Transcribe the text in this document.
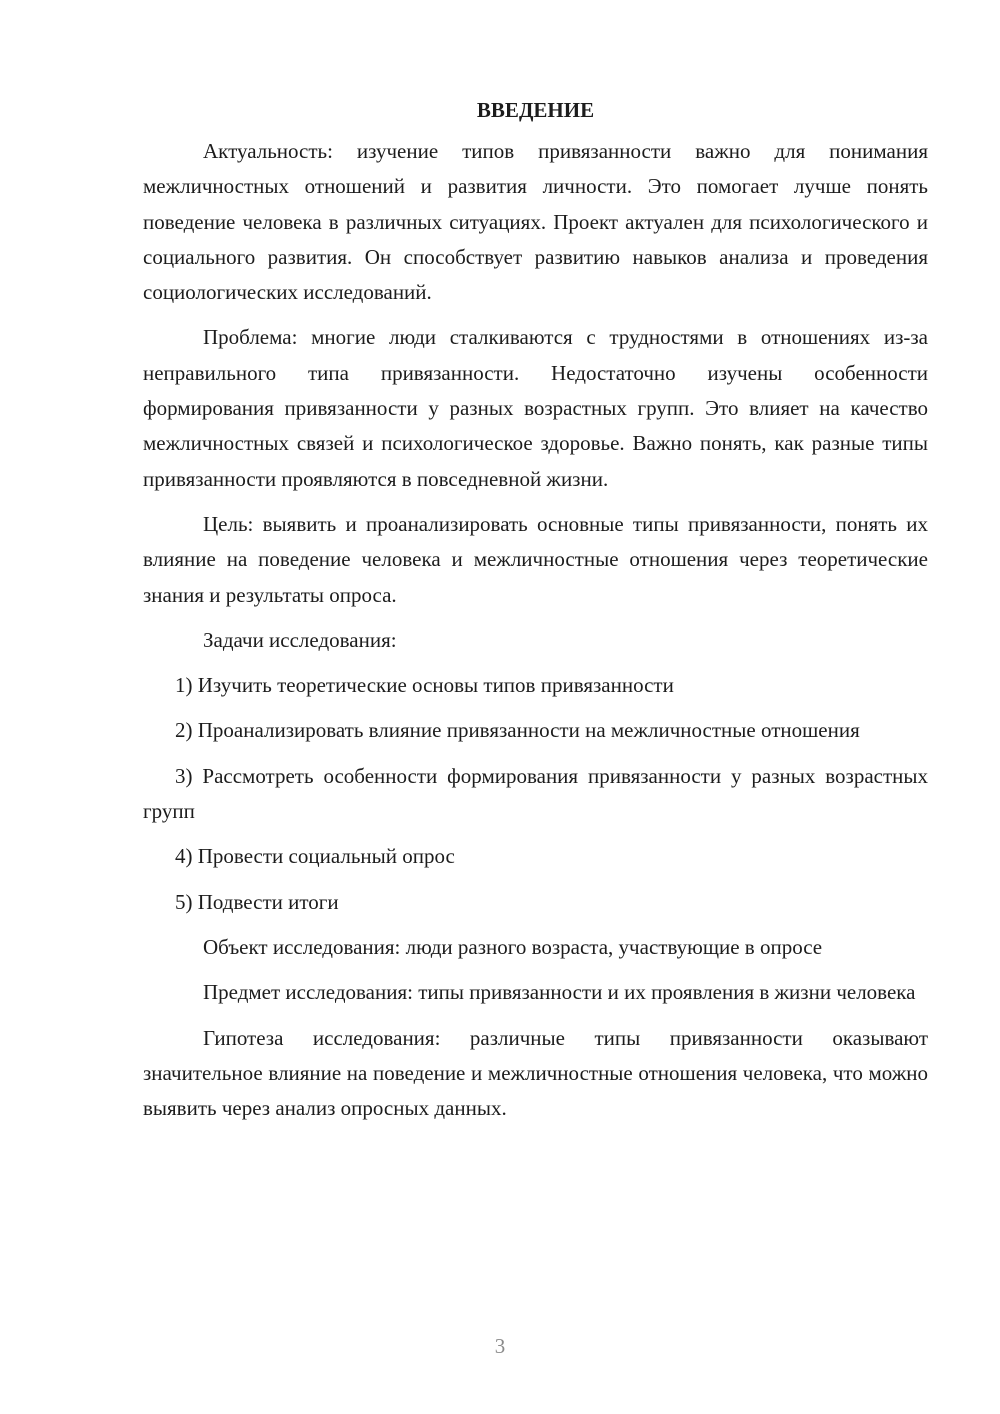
ВВЕДЕНИЕ

Актуальность: изучение типов привязанности важно для понимания межличностных отношений и развития личности. Это помогает лучше понять поведение человека в различных ситуациях. Проект актуален для психологического и социального развития. Он способствует развитию навыков анализа и проведения социологических исследований.

Проблема: многие люди сталкиваются с трудностями в отношениях из-за неправильного типа привязанности. Недостаточно изучены особенности формирования привязанности у разных возрастных групп. Это влияет на качество межличностных связей и психологическое здоровье. Важно понять, как разные типы привязанности проявляются в повседневной жизни.

Цель: выявить и проанализировать основные типы привязанности, понять их влияние на поведение человека и межличностные отношения через теоретические знания и результаты опроса.

Задачи исследования:

1) Изучить теоретические основы типов привязанности

2) Проанализировать влияние привязанности на межличностные отношения

3) Рассмотреть особенности формирования привязанности у разных возрастных групп

4) Провести социальный опрос

5) Подвести итоги

Объект исследования: люди разного возраста, участвующие в опросе

Предмет исследования: типы привязанности и их проявления в жизни человека

Гипотеза исследования: различные типы привязанности оказывают значительное влияние на поведение и межличностные отношения человека, что можно выявить через анализ опросных данных.

3
